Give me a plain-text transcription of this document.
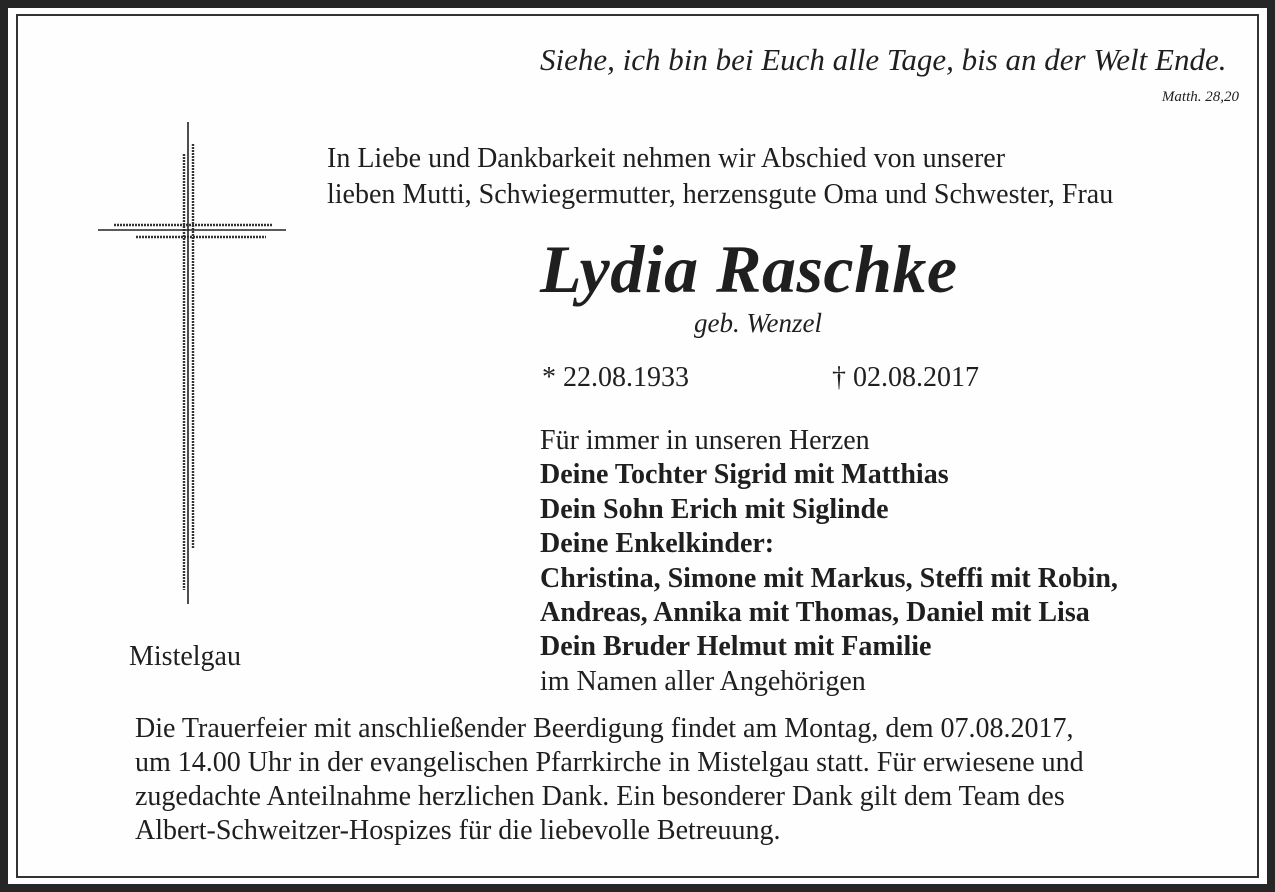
Siehe, ich bin bei Euch alle Tage, bis an der Welt Ende.
Matth. 28,20
In Liebe und Dankbarkeit nehmen wir Abschied von unserer
lieben Mutti, Schwiegermutter, herzensgute Oma und Schwester, Frau
Lydia Raschke
geb. Wenzel
* 22.08.1933	† 02.08.2017
Für immer in unseren Herzen
Deine Tochter Sigrid mit Matthias
Dein Sohn Erich mit Siglinde
Deine Enkelkinder:
Christina, Simone mit Markus, Steffi mit Robin,
Andreas, Annika mit Thomas, Daniel mit Lisa
Dein Bruder Helmut mit Familie
im Namen aller Angehörigen
Mistelgau
Die Trauerfeier mit anschließender Beerdigung findet am Montag, dem 07.08.2017,
um 14.00 Uhr in der evangelischen Pfarrkirche in Mistelgau statt. Für erwiesene und
zugedachte Anteilnahme herzlichen Dank. Ein besonderer Dank gilt dem Team des
Albert-Schweitzer-Hospizes für die liebevolle Betreuung.
